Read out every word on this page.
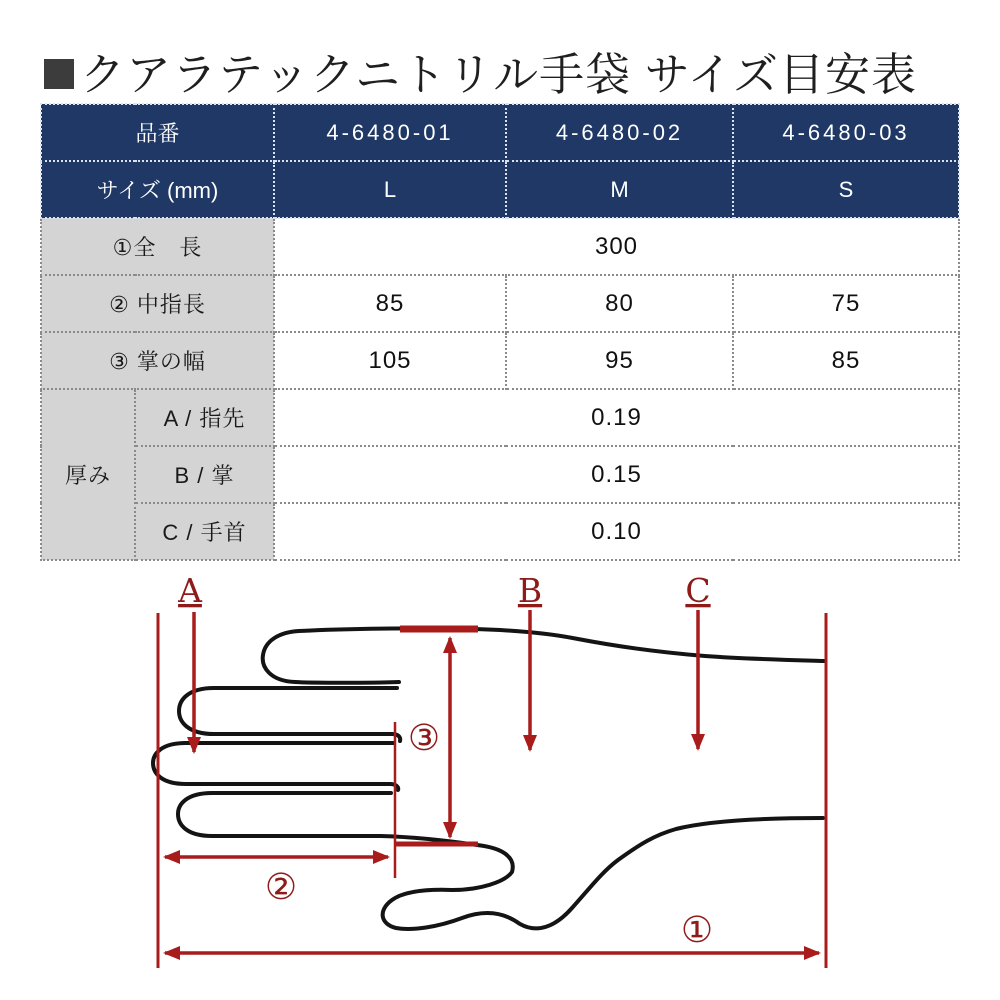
クアラテックニトリル手袋 サイズ目安表
品番		4-6480-01	4-6480-02	4-6480-03
サイズ (mm)		L	M	S
①全　長		300		
② 中指長		85	80	75
③ 掌の幅		105	95	85
厚み	A / 指先	0.19		
	B / 掌	0.15		
	C / 手首	0.10		
A	B	C
③
②
①
